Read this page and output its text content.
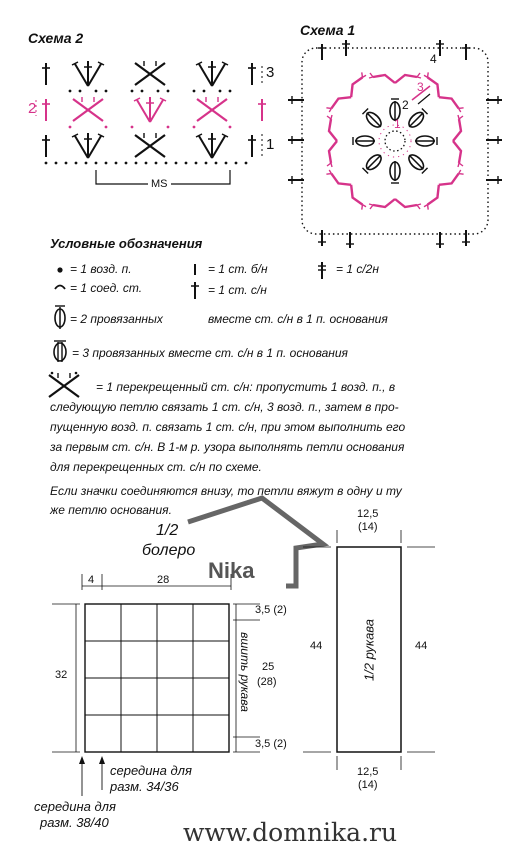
Схема 2
3
2
1
MS
Схема 1
4
3
2
1
Условные обозначения
= 1 возд. п.
= 1 соед. ст.
= 1 ст. б/н
= 1 ст. с/н
= 1 с/2н
= 2 провязанных	вместе ст. с/н в 1 п. основания
= 3 провязанных вместе ст. с/н в 1 п. основания
= 1 перекрещенный ст. с/н: пропустить 1 возд. п., в
следующую петлю связать 1 ст. с/н, 3 возд. п., затем в про-
пущенную возд. п. связать 1 ст. с/н, при этом выполнить его
за первым ст. с/н. В 1-м р. узора выполнять петли основания
для перекрещенных ст. с/н по схеме.
Если значки соединяются внизу, то петли вяжут в одну и ту
же петлю основания.
Nika
1/2
болеро
4	28
32
3,5 (2)
25
(28)
3,5 (2)
вшить рукава
середина для
разм. 34/36
середина для
разм. 38/40
12,5
(14)
1/2 рукава
44	44
12,5
(14)
www.domnika.ru
